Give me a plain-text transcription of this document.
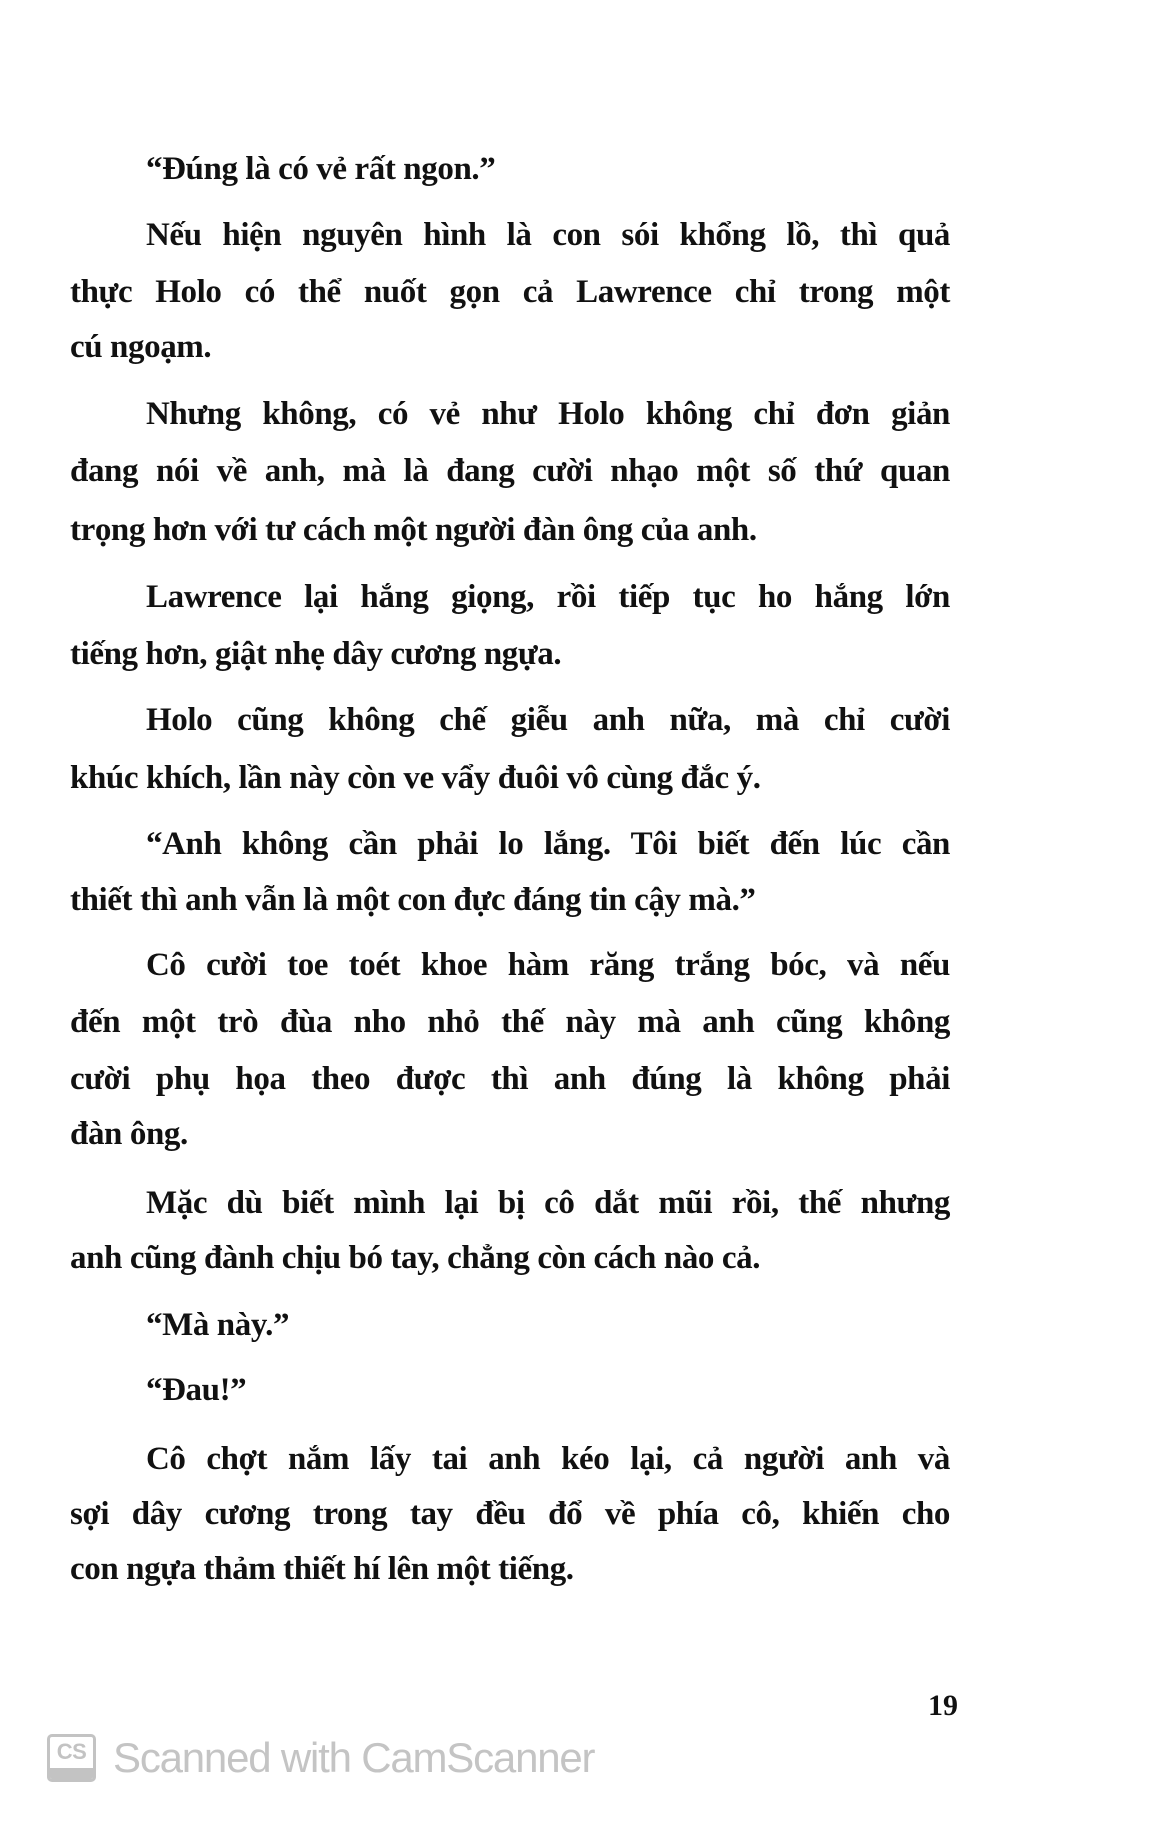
“Đúng là có vẻ rất ngon.”
Nếu hiện nguyên hình là con sói khổng lồ, thì quả
thực Holo có thể nuốt gọn cả Lawrence chỉ trong một
cú ngoạm.
Nhưng không, có vẻ như Holo không chỉ đơn giản
đang nói về anh, mà là đang cười nhạo một số thứ quan
trọng hơn với tư cách một người đàn ông của anh.
Lawrence lại hắng giọng, rồi tiếp tục ho hắng lớn
tiếng hơn, giật nhẹ dây cương ngựa.
Holo cũng không chế giễu anh nữa, mà chỉ cười
khúc khích, lần này còn ve vẩy đuôi vô cùng đắc ý.
“Anh không cần phải lo lắng. Tôi biết đến lúc cần
thiết thì anh vẫn là một con đực đáng tin cậy mà.”
Cô cười toe toét khoe hàm răng trắng bóc, và nếu
đến một trò đùa nho nhỏ thế này mà anh cũng không
cười phụ họa theo được thì anh đúng là không phải
đàn ông.
Mặc dù biết mình lại bị cô dắt mũi rồi, thế nhưng
anh cũng đành chịu bó tay, chẳng còn cách nào cả.
“Mà này.”
“Đau!”
Cô chợt nắm lấy tai anh kéo lại, cả người anh và
sợi dây cương trong tay đều đổ về phía cô, khiến cho
con ngựa thảm thiết hí lên một tiếng.
19
CS Scanned with CamScanner
